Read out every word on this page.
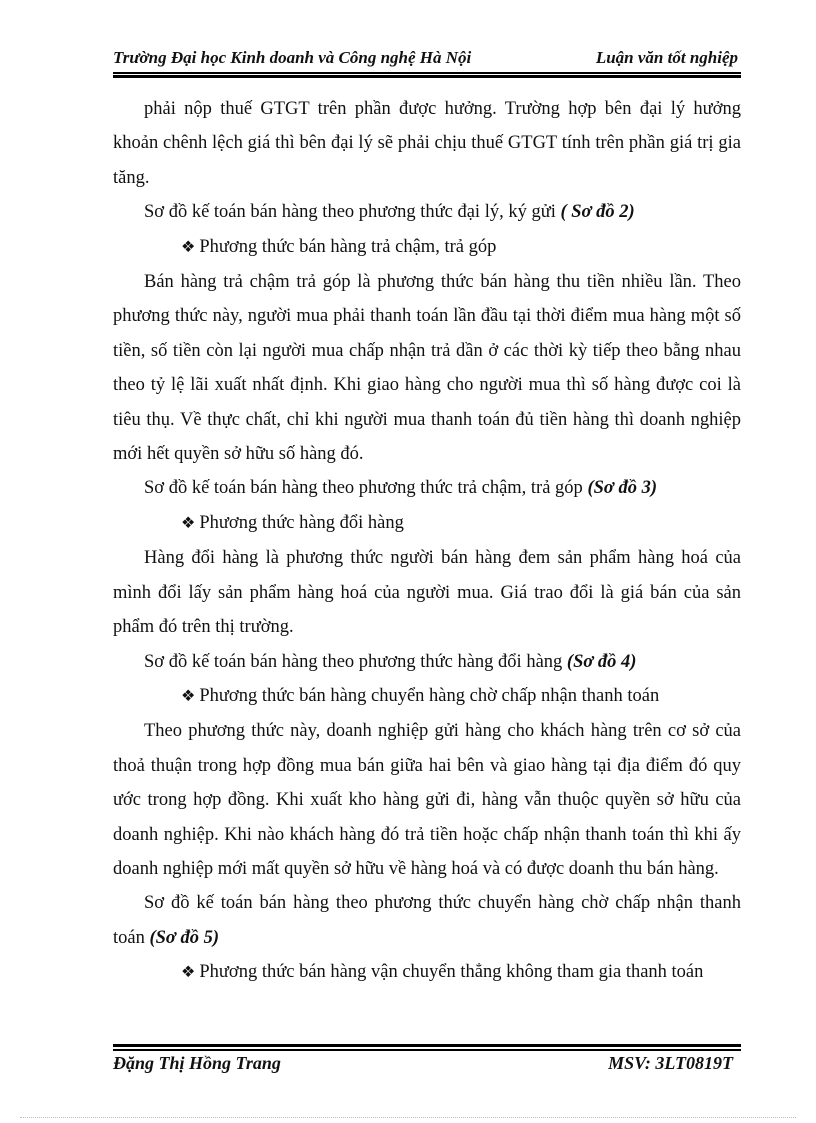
Trường Đại học Kinh doanh và Công nghệ Hà Nội	Luận văn tốt nghiệp

phải nộp thuế GTGT trên phần được hưởng. Trường hợp bên đại lý hưởng khoản chênh lệch giá thì bên đại lý sẽ phải chịu thuế GTGT tính trên phần giá trị gia tăng.

Sơ đồ kế toán bán hàng theo phương thức đại lý, ký gửi ( Sơ đồ 2)

❖ Phương thức bán hàng trả chậm, trả góp

Bán hàng trả chậm trả góp là phương thức bán hàng thu tiền nhiều lần. Theo phương thức này, người mua phải thanh toán lần đầu tại thời điểm mua hàng một số tiền, số tiền còn lại người mua chấp nhận trả dần ở các thời kỳ tiếp theo bằng nhau theo tỷ lệ lãi xuất nhất định. Khi giao hàng cho người mua thì số hàng được coi là tiêu thụ. Về thực chất, chỉ khi người mua thanh toán đủ tiền hàng thì doanh nghiệp mới hết quyền sở hữu số hàng đó.

Sơ đồ kế toán bán hàng theo phương thức trả chậm, trả góp (Sơ đồ 3)

❖ Phương thức hàng đổi hàng

Hàng đổi hàng là phương thức người bán hàng đem sản phẩm hàng hoá của mình đổi lấy sản phẩm hàng hoá của người mua. Giá trao đổi là giá bán của sản phẩm đó trên thị trường.

Sơ đồ kế toán bán hàng theo phương thức hàng đổi hàng (Sơ đồ 4)

❖ Phương thức bán hàng chuyển hàng chờ chấp nhận thanh toán

Theo phương thức này, doanh nghiệp gửi hàng cho khách hàng trên cơ sở của thoả thuận trong hợp đồng mua bán giữa hai bên và giao hàng tại địa điểm đó quy ước trong hợp đồng. Khi xuất kho hàng gửi đi, hàng vẫn thuộc quyền sở hữu của doanh nghiệp. Khi nào khách hàng đó trả tiền hoặc chấp nhận thanh toán thì khi ấy doanh nghiệp mới mất quyền sở hữu về hàng hoá và có được doanh thu bán hàng.

Sơ đồ kế toán bán hàng theo phương thức chuyển hàng chờ chấp nhận thanh toán (Sơ đồ 5)

❖ Phương thức bán hàng vận chuyển thẳng không tham gia thanh toán

Đặng Thị Hồng Trang	MSV: 3LT0819T
